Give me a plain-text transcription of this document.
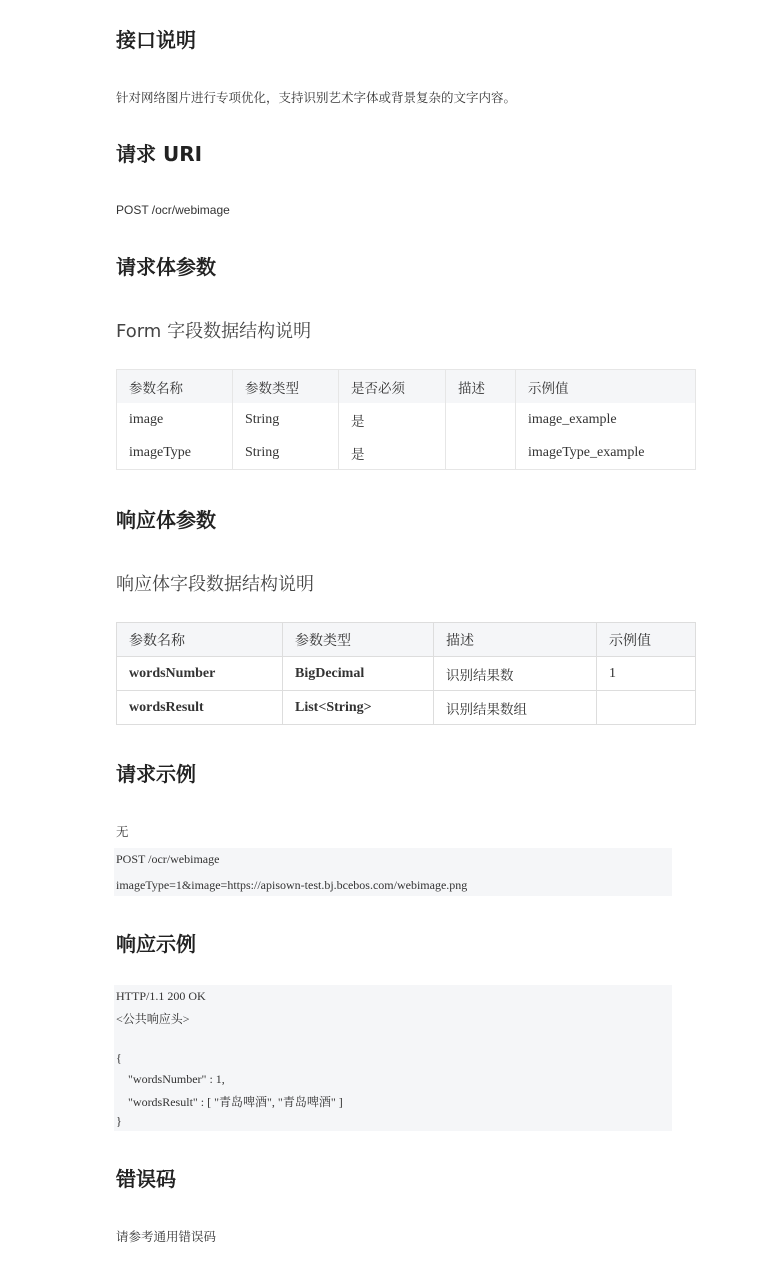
接口说明
针对网络图片进行专项优化，支持识别艺术字体或背景复杂的文字内容。
请求 URI
POST /ocr/webimage
请求体参数
Form 字段数据结构说明
参数名称	参数类型	是否必须	描述	示例值
image	String	是		image_example
imageType	String	是		imageType_example
响应体参数
响应体字段数据结构说明
参数名称	参数类型	描述	示例值
wordsNumber	BigDecimal	识别结果数	1
wordsResult	List<String>	识别结果数组	
请求示例
无
POST /ocr/webimage
imageType=1&image=https://apisown-test.bj.bcebos.com/webimage.png
响应示例
HTTP/1.1 200 OK
<公共响应头>
{
"wordsNumber" : 1,
"wordsResult" : [ "青岛啤酒", "青岛啤酒" ]
}
错误码
请参考通用错误码
